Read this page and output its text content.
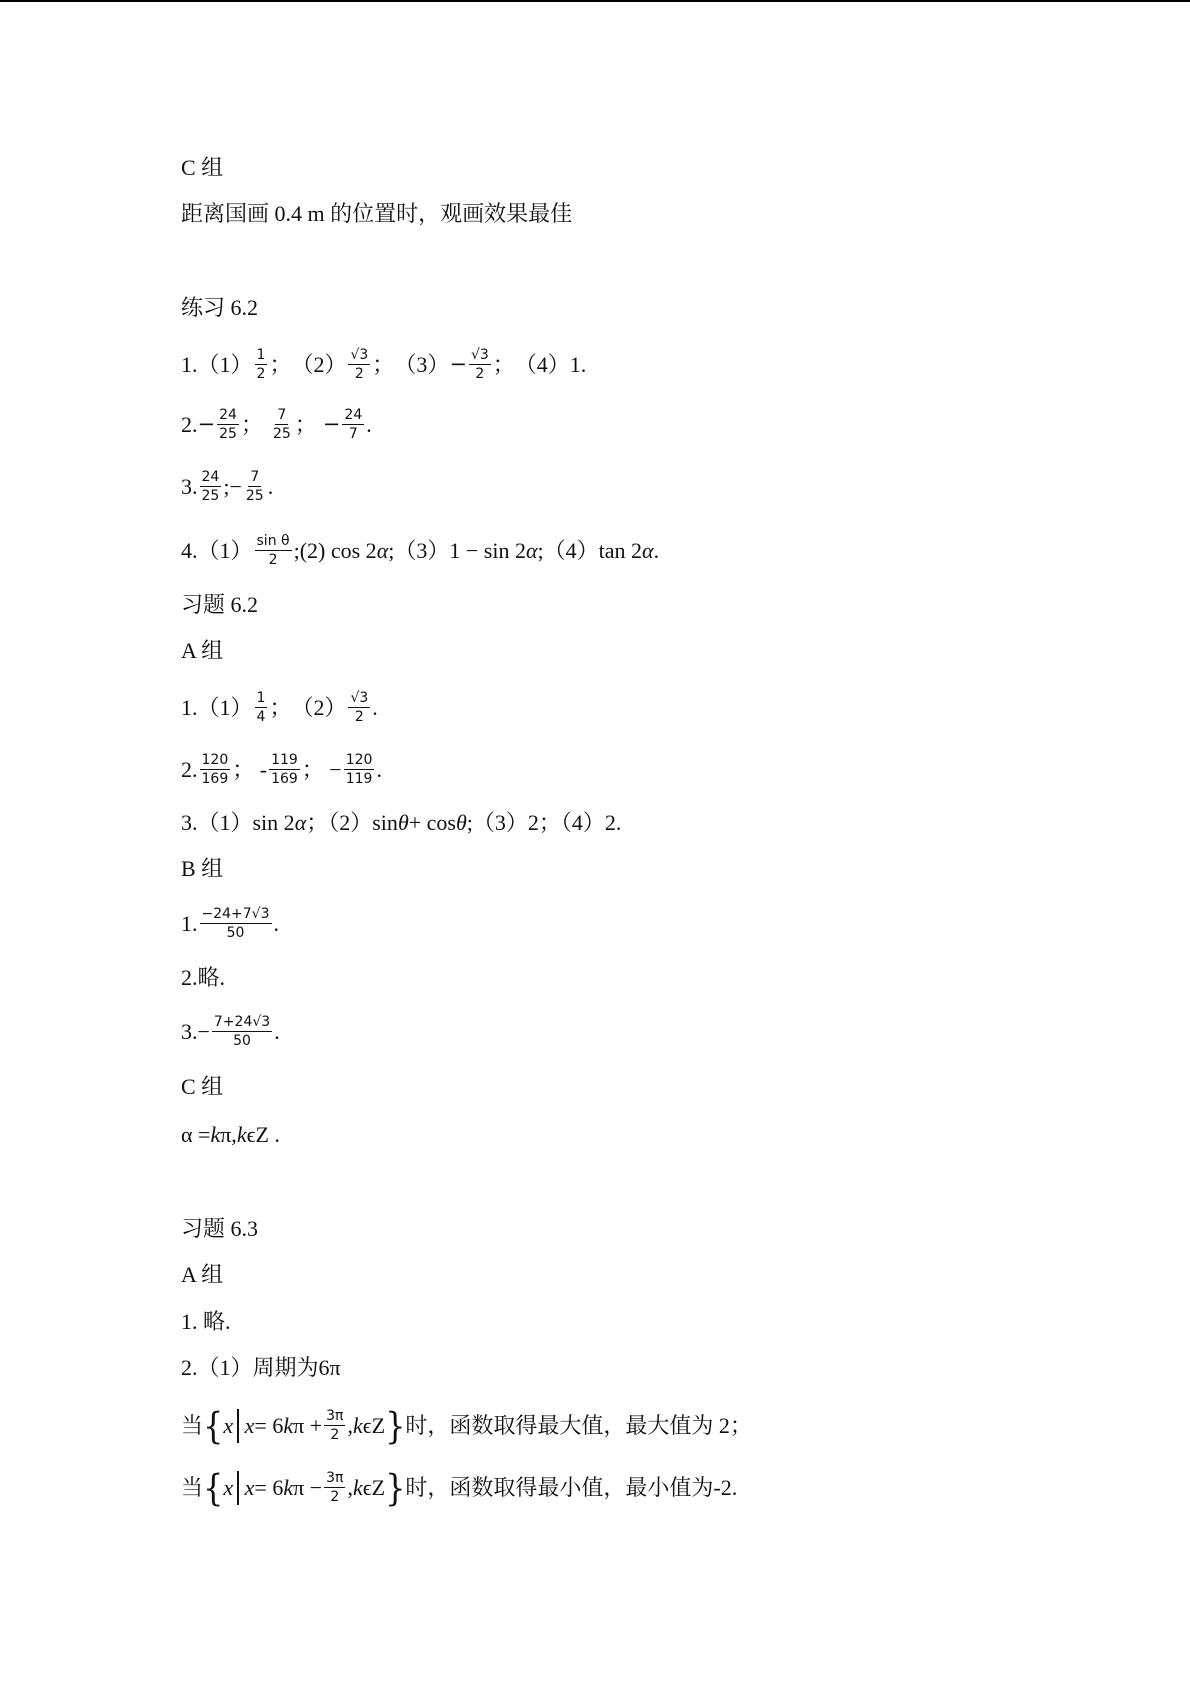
C 组
距离国画 0.4 m 的位置时，观画效果最佳
练习 6.2
1. $(1) \frac{1}{2}$ ； $(2) \frac{√3}{2}$ ； $(3) - \frac{√3}{2}$ ； （4） 1.
2. − $\frac{24}{25}$ ； $\frac{7}{25}$ ； − $\frac{24}{7}$ .
3. $\frac{24}{25}$ ;− $\frac{7}{25}$ .
4. $(1) \frac{\text{sin θ}}{2}$ ;(2) cos 2 α ;（3）1 − sin 2 α ;（4）tan 2 α .
习题 6.2
A 组
1. $(1) \frac{1}{4}$ ； $(2) \frac{√3}{2}$ .
2. $\frac{120}{169}$ ； - $\frac{119}{169}$ ； − $\frac{120}{119}$ .
3.（1）sin 2 α ；（2）sin θ + cos θ ;（3）2；（4）2.
B 组
1. $\frac{-24+7√3}{50}$ .
2.略.
$3.- \frac{7+24√3}{50}$ .
C 组
α = k π, k ϵZ .
习题 6.3
A 组
1. 略.
2.（1）周期为6π
当 { x x = 6 k $\pi + \frac{3\pi}{2}$ , k ϵZ } 时，函数取得最大值，最大值为 2；
当 { x x = 6 k $\pi - \frac{3\pi}{2}$ , k ϵZ } 时，函数取得最小值，最小值为-2.
